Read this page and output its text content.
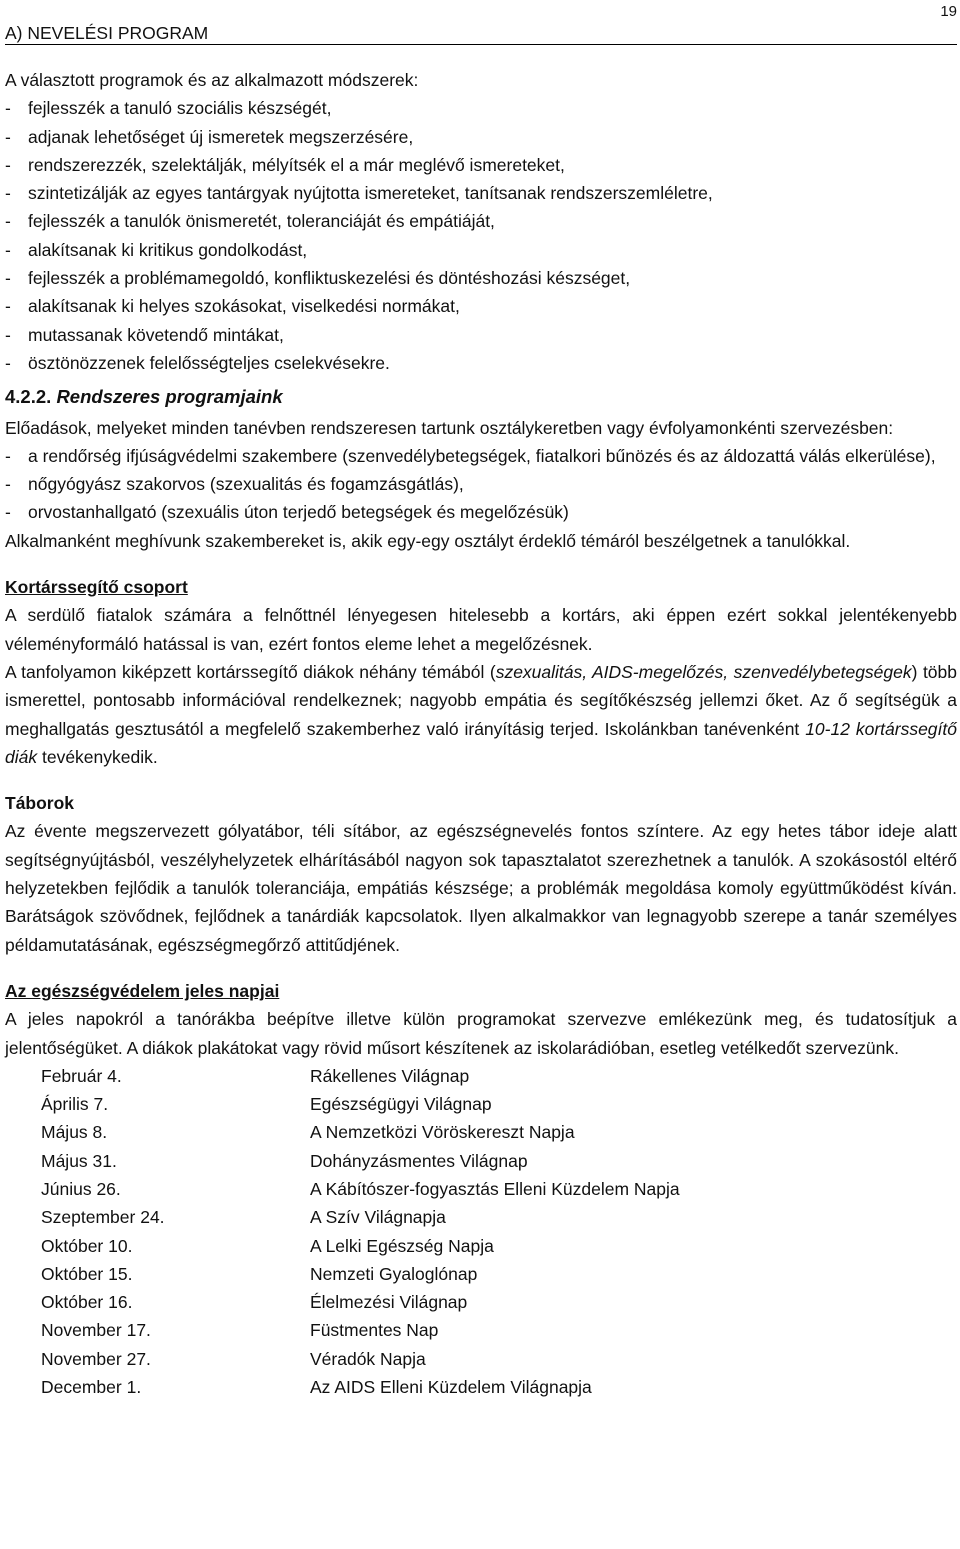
A) NEVELÉSI PROGRAM
19

A választott programok és az alkalmazott módszerek:

- fejlesszék a tanuló szociális készségét,
- adjanak lehetőséget új ismeretek megszerzésére,
- rendszerezzék, szelektálják, mélyítsék el a már meglévő ismereteket,
- szintetizálják az egyes tantárgyak nyújtotta ismereteket, tanítsanak rendszerszemléletre,
- fejlesszék a tanulók önismeretét, toleranciáját és empátiáját,
- alakítsanak ki kritikus gondolkodást,
- fejlesszék a problémamegoldó, konfliktuskezelési és döntéshozási készséget,
- alakítsanak ki helyes szokásokat, viselkedési normákat,
- mutassanak követendő mintákat,
- ösztönözzenek felelősségteljes cselekvésekre.
4.2.2. Rendszeres programjaink

Előadások, melyeket minden tanévben rendszeresen tartunk osztálykeretben vagy évfolyamonkénti szervezésben:

- a rendőrség ifjúságvédelmi szakembere (szenvedélybetegségek, fiatalkori bűnözés és az áldozattá válás elkerülése),
- nőgyógyász szakorvos (szexualitás és fogamzásgátlás),
- orvostanhallgató (szexuális úton terjedő betegségek és megelőzésük)

Alkalmanként meghívunk szakembereket is, akik egy-egy osztályt érdeklő témáról beszélgetnek a tanulókkal.

Kortárssegítő csoport

A serdülő fiatalok számára a felnőttnél lényegesen hitelesebb a kortárs, aki éppen ezért sokkal jelentékenyebb véleményformáló hatással is van, ezért fontos eleme lehet a megelőzésnek.

A tanfolyamon kiképzett kortárssegítő diákok néhány témából (szexualitás, AIDS-megelőzés, szenvedélybetegségek) több ismerettel, pontosabb információval rendelkeznek; nagyobb empátia és segítőkészség jellemzi őket. Az ő segítségük a meghallgatás gesztusától a megfelelő szakemberhez való irányításig terjed. Iskolánkban tanévenként 10-12 kortárssegítő diák tevékenykedik.

Táborok

Az évente megszervezett gólyatábor, téli sítábor, az egészségnevelés fontos színtere. Az egy hetes tábor ideje alatt segítségnyújtásból, veszélyhelyzetek elhárításából nagyon sok tapasztalatot szerezhetnek a tanulók. A szokásostól eltérő helyzetekben fejlődik a tanulók toleranciája, empátiás készsége; a problémák megoldása komoly együttműködést kíván. Barátságok szövődnek, fejlődnek a tanárdiák kapcsolatok. Ilyen alkalmakkor van legnagyobb szerepe a tanár személyes példamutatásának, egészségmegőrző attitűdjének.

Az egészségvédelem jeles napjai

A jeles napokról a tanórákba beépítve illetve külön programokat szervezve emlékezünk meg, és tudatosítjuk a jelentőségüket. A diákok plakátokat vagy rövid műsort készítenek az iskolarádióban, esetleg vetélkedőt szervezünk.

Február 4.	Rákellenes Világnap
Április 7.	Egészségügyi Világnap
Május 8.	A Nemzetközi Vöröskereszt Napja
Május 31.	Dohányzásmentes Világnap
Június 26.	A Kábítószer-fogyasztás Elleni Küzdelem Napja
Szeptember 24.	A Szív Világnapja
Október 10.	A Lelki Egészség Napja
Október 15.	Nemzeti Gyaloglónap
Október 16.	Élelmezési Világnap
November 17.	Füstmentes Nap
November 27.	Véradók Napja
December 1.	Az AIDS Elleni Küzdelem Világnapja
